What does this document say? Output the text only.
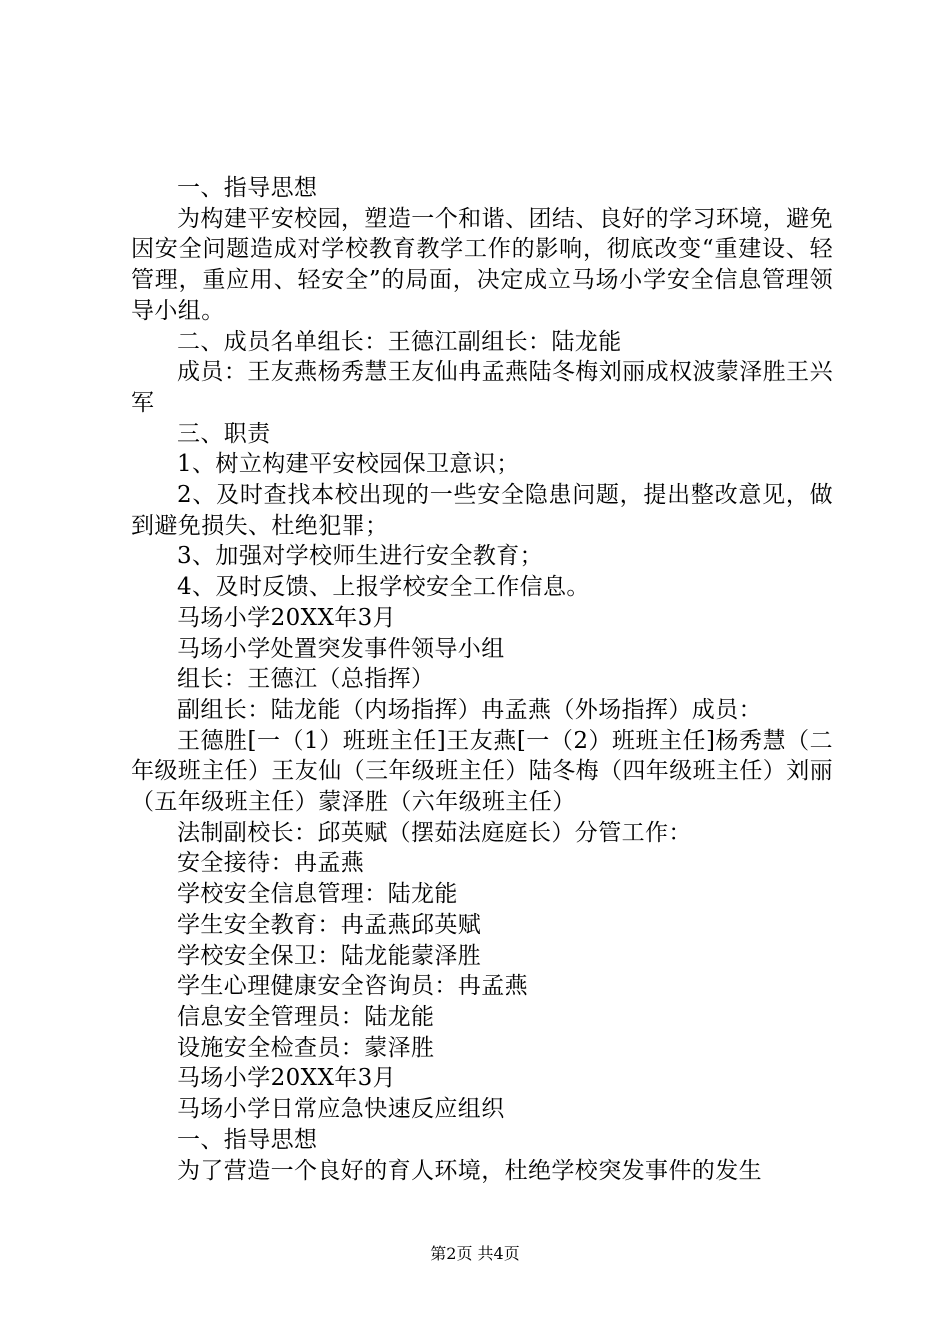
一、指导思想

为构建平安校园，塑造一个和谐、团结、良好的学习环境，避免因安全问题造成对学校教育教学工作的影响，彻底改变“重建设、轻管理，重应用、轻安全”的局面，决定成立马场小学安全信息管理领导小组。

二、成员名单组长：王德江副组长：陆龙能

成员：王友燕杨秀慧王友仙冉孟燕陆冬梅刘丽成权波蒙泽胜王兴军

三、职责

1、树立构建平安校园保卫意识；

2、及时查找本校出现的一些安全隐患问题，提出整改意见，做到避免损失、杜绝犯罪；

3、加强对学校师生进行安全教育；

4、及时反馈、上报学校安全工作信息。

马场小学20XX年3月

马场小学处置突发事件领导小组

组长：王德江（总指挥）

副组长：陆龙能（内场指挥）冉孟燕（外场指挥）成员：

王德胜[一（1）班班主任]王友燕[一（2）班班主任]杨秀慧（二年级班主任）王友仙（三年级班主任）陆冬梅（四年级班主任）刘丽（五年级班主任）蒙泽胜（六年级班主任）

法制副校长：邱英赋（摆茹法庭庭长）分管工作：

安全接待：冉孟燕

学校安全信息管理：陆龙能

学生安全教育：冉孟燕邱英赋

学校安全保卫：陆龙能蒙泽胜

学生心理健康安全咨询员：冉孟燕

信息安全管理员：陆龙能

设施安全检查员：蒙泽胜

马场小学20XX年3月

马场小学日常应急快速反应组织

一、指导思想

为了营造一个良好的育人环境，杜绝学校突发事件的发生

第2页 共4页
